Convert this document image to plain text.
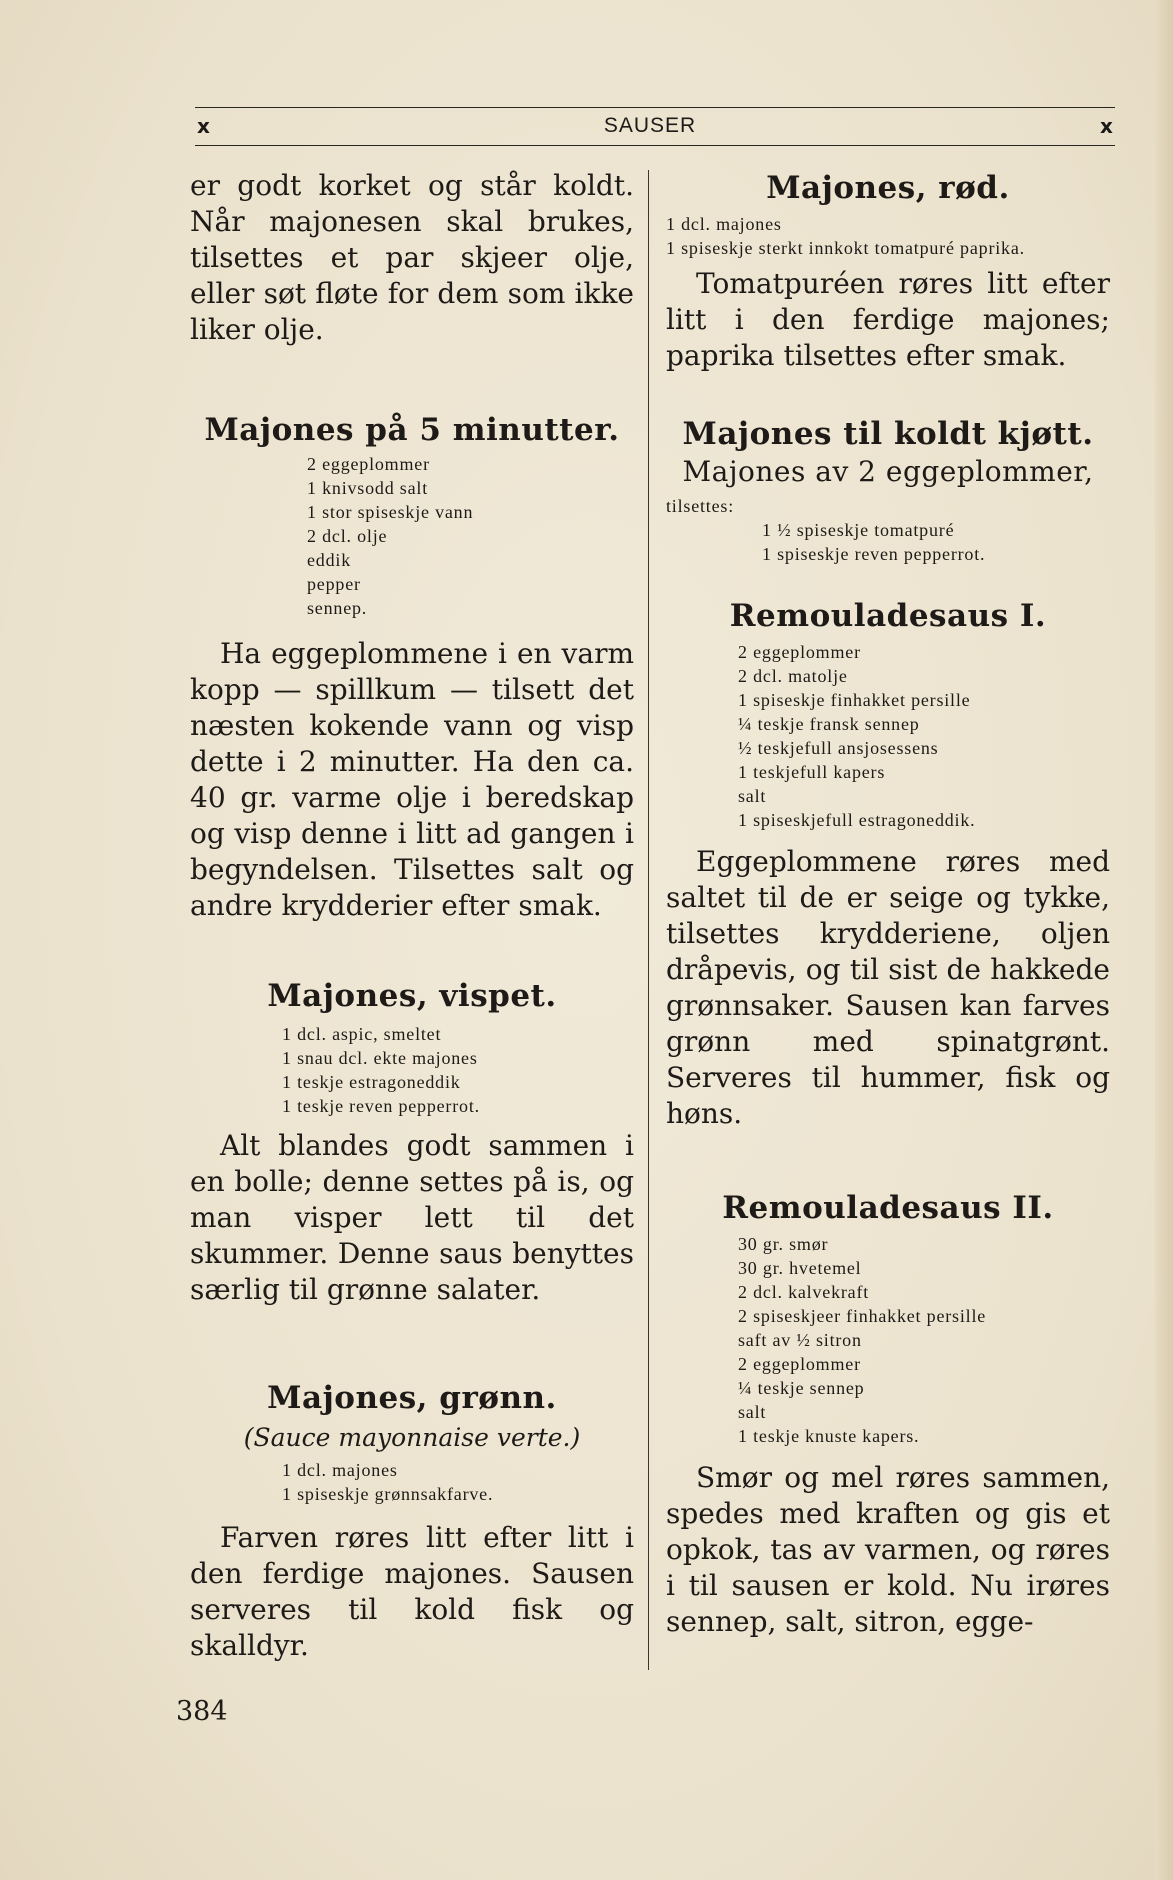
x	SAUSER	x

er godt korket og står koldt. Når majonesen skal brukes, tilsettes et par skjeer olje, eller søt fløte for dem som ikke liker olje.

Majones på 5 minutter.
2 eggeplommer
1 knivsodd salt
1 stor spiseskje vann
2 dcl. olje
eddik
pepper
sennep.

Ha eggeplommene i en varm kopp — spillkum — tilsett det næsten kokende vann og visp dette i 2 minutter. Ha den ca. 40 gr. varme olje i beredskap og visp denne i litt ad gangen i begyndelsen. Tilsettes salt og andre krydderier efter smak.

Majones, vispet.
1 dcl. aspic, smeltet
1 snau dcl. ekte majones
1 teskje estragoneddik
1 teskje reven pepperrot.

Alt blandes godt sammen i en bolle; denne settes på is, og man visper lett til det skummer. Denne saus benyttes særlig til grønne salater.

Majones, grønn.

(Sauce mayonnaise verte.)

1 dcl. majones
1 spiseskje grønnsakfarve.

Farven røres litt efter litt i den ferdige majones. Sausen serveres til kold fisk og skalldyr.

Majones, rød.
1 dcl. majones
1 spiseskje sterkt innkokt tomatpuré paprika.

Tomatpuréen røres litt efter litt i den ferdige majones; paprika tilsettes efter smak.

Majones til koldt kjøtt.

Majones av 2 eggeplommer,

tilsettes:

1 ½ spiseskje tomatpuré
1 spiseskje reven pepperrot.
Remouladesaus I.
2 eggeplommer
2 dcl. matolje
1 spiseskje finhakket persille
¼ teskje fransk sennep
½ teskjefull ansjosessens
1 teskjefull kapers
salt
1 spiseskjefull estragoneddik.

Eggeplommene røres med saltet til de er seige og tykke, tilsettes krydderiene, oljen dråpevis, og til sist de hakkede grønnsaker. Sausen kan farves grønn med spinatgrønt. Serveres til hummer, fisk og høns.

Remouladesaus II.
30 gr. smør
30 gr. hvetemel
2 dcl. kalvekraft
2 spiseskjeer finhakket persille
saft av ½ sitron
2 eggeplommer
¼ teskje sennep
salt
1 teskje knuste kapers.

Smør og mel røres sammen, spedes med kraften og gis et opkok, tas av varmen, og røres i til sausen er kold. Nu irøres sennep, salt, sitron, egge-

384
